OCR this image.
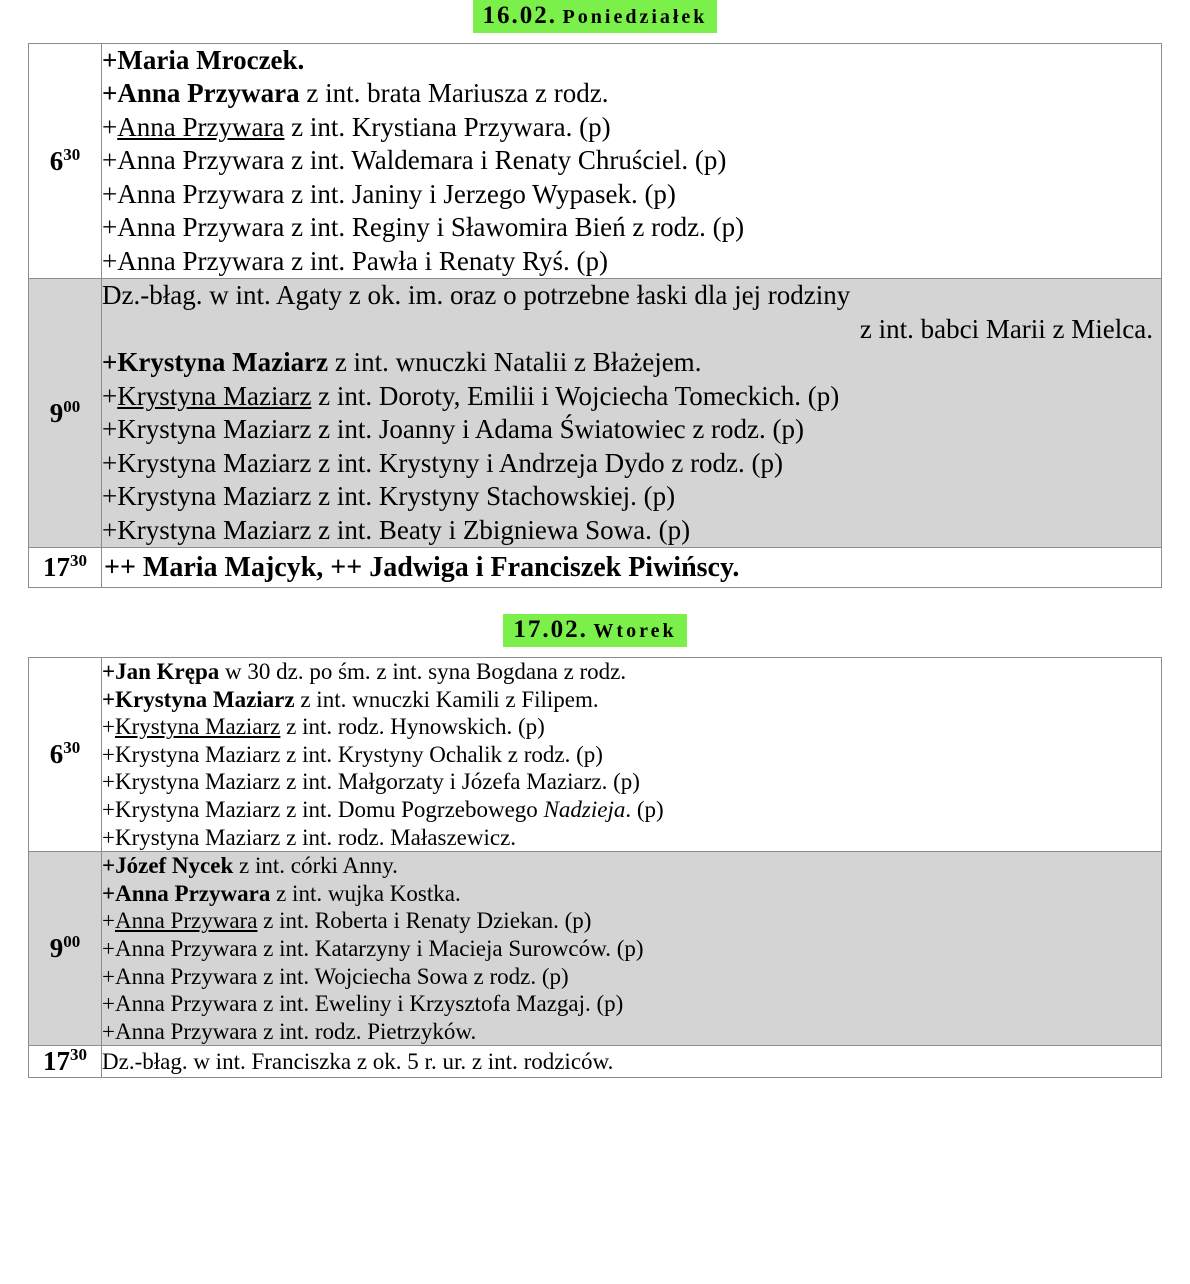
16.02. Poniedziałek
$6^{30}$	
+Maria Mroczek.
+Anna Przywara z int. brata Mariusza z rodz.
+Anna Przywara z int. Krystiana Przywara. (p)
+Anna Przywara z int. Waldemara i Renaty Chruściel. (p)
+Anna Przywara z int. Janiny i Jerzego Wypasek. (p)
+Anna Przywara z int. Reginy i Sławomira Bień z rodz. (p)
+Anna Przywara z int. Pawła i Renaty Ryś. (p)

$9^{00}$	
Dz.-błag. w int. Agaty z ok. im. oraz o potrzebne łaski dla jej rodziny
z int. babci Marii z Mielca.
+Krystyna Maziarz z int. wnuczki Natalii z Błażejem.
+Krystyna Maziarz z int. Doroty, Emilii i Wojciecha Tomeckich. (p)
+Krystyna Maziarz z int. Joanny i Adama Światowiec z rodz. (p)
+Krystyna Maziarz z int. Krystyny i Andrzeja Dydo z rodz. (p)
+Krystyna Maziarz z int. Krystyny Stachowskiej. (p)
+Krystyna Maziarz z int. Beaty i Zbigniewa Sowa. (p)

$17^{30}$	++ Maria Majcyk, ++ Jadwiga i Franciszek Piwińscy.
17.02. Wtorek
$6^{30}$	
+Jan Krępa w 30 dz. po śm. z int. syna Bogdana z rodz.
+Krystyna Maziarz z int. wnuczki Kamili z Filipem.
+Krystyna Maziarz z int. rodz. Hynowskich. (p)
+Krystyna Maziarz z int. Krystyny Ochalik z rodz. (p)
+Krystyna Maziarz z int. Małgorzaty i Józefa Maziarz. (p)
+Krystyna Maziarz z int. Domu Pogrzebowego Nadzieja. (p)
+Krystyna Maziarz z int. rodz. Małaszewicz.

$9^{00}$	
+Józef Nycek z int. córki Anny.
+Anna Przywara z int. wujka Kostka.
+Anna Przywara z int. Roberta i Renaty Dziekan. (p)
+Anna Przywara z int. Katarzyny i Macieja Surowców. (p)
+Anna Przywara z int. Wojciecha Sowa z rodz. (p)
+Anna Przywara z int. Eweliny i Krzysztofa Mazgaj. (p)
+Anna Przywara z int. rodz. Pietrzyków.

$17^{30}$	Dz.-błag. w int. Franciszka z ok. 5 r. ur. z int. rodziców.
